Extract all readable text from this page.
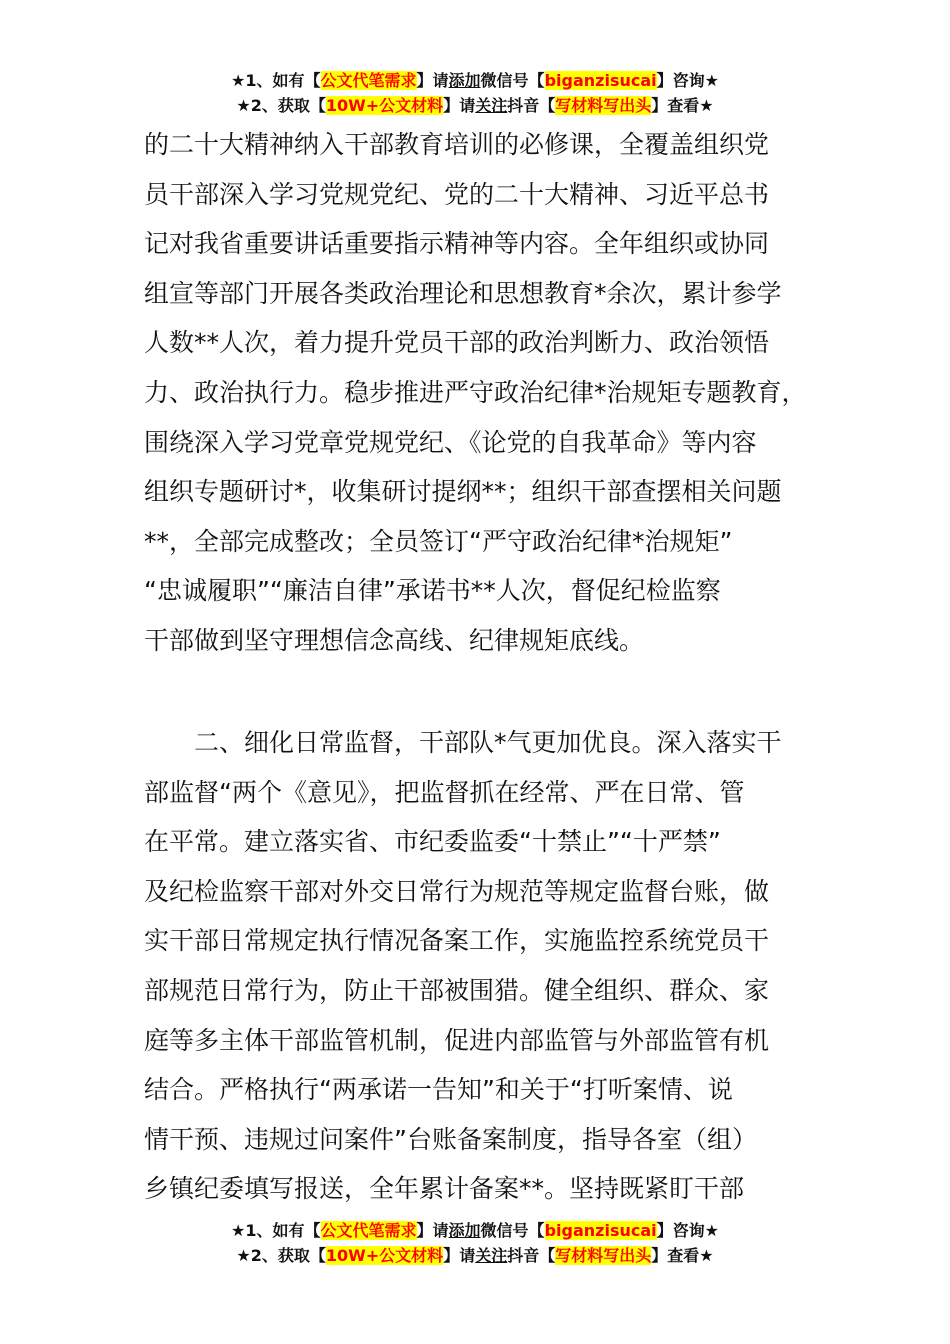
★1、如有【公文代笔需求】请添加微信号【biganzisucai】咨询★
★2、获取【10W+公文材料】请关注抖音【写材料写出头】查看★
的二十大精神纳入干部教育培训的必修课，全覆盖组织党
员干部深入学习党规党纪、党的二十大精神、习近平总书
记对我省重要讲话重要指示精神等内容。全年组织或协同
组宣等部门开展各类政治理论和思想教育*余次，累计参学
人数**人次，着力提升党员干部的政治判断力、政治领悟
力、政治执行力。稳步推进严守政治纪律*治规矩专题教育，
围绕深入学习党章党规党纪、《论党的自我革命》等内容
组织专题研讨*，收集研讨提纲**；组织干部查摆相关问题
**，全部完成整改；全员签订“严守政治纪律*治规矩”
“忠诚履职”“廉洁自律”承诺书**人次，督促纪检监察
干部做到坚守理想信念高线、纪律规矩底线。
　　二、细化日常监督，干部队*气更加优良。深入落实干
部监督“两个《意见》，把监督抓在经常、严在日常、管
在平常。建立落实省、市纪委监委“十禁止”“十严禁”
及纪检监察干部对外交日常行为规范等规定监督台账，做
实干部日常规定执行情况备案工作，实施监控系统党员干
部规范日常行为，防止干部被围猎。健全组织、群众、家
庭等多主体干部监管机制，促进内部监管与外部监管有机
结合。严格执行“两承诺一告知”和关于“打听案情、说
情干预、违规过问案件”台账备案制度，指导各室（组）
乡镇纪委填写报送，全年累计备案**。坚持既紧盯干部
★1、如有【公文代笔需求】请添加微信号【biganzisucai】咨询★
★2、获取【10W+公文材料】请关注抖音【写材料写出头】查看★
